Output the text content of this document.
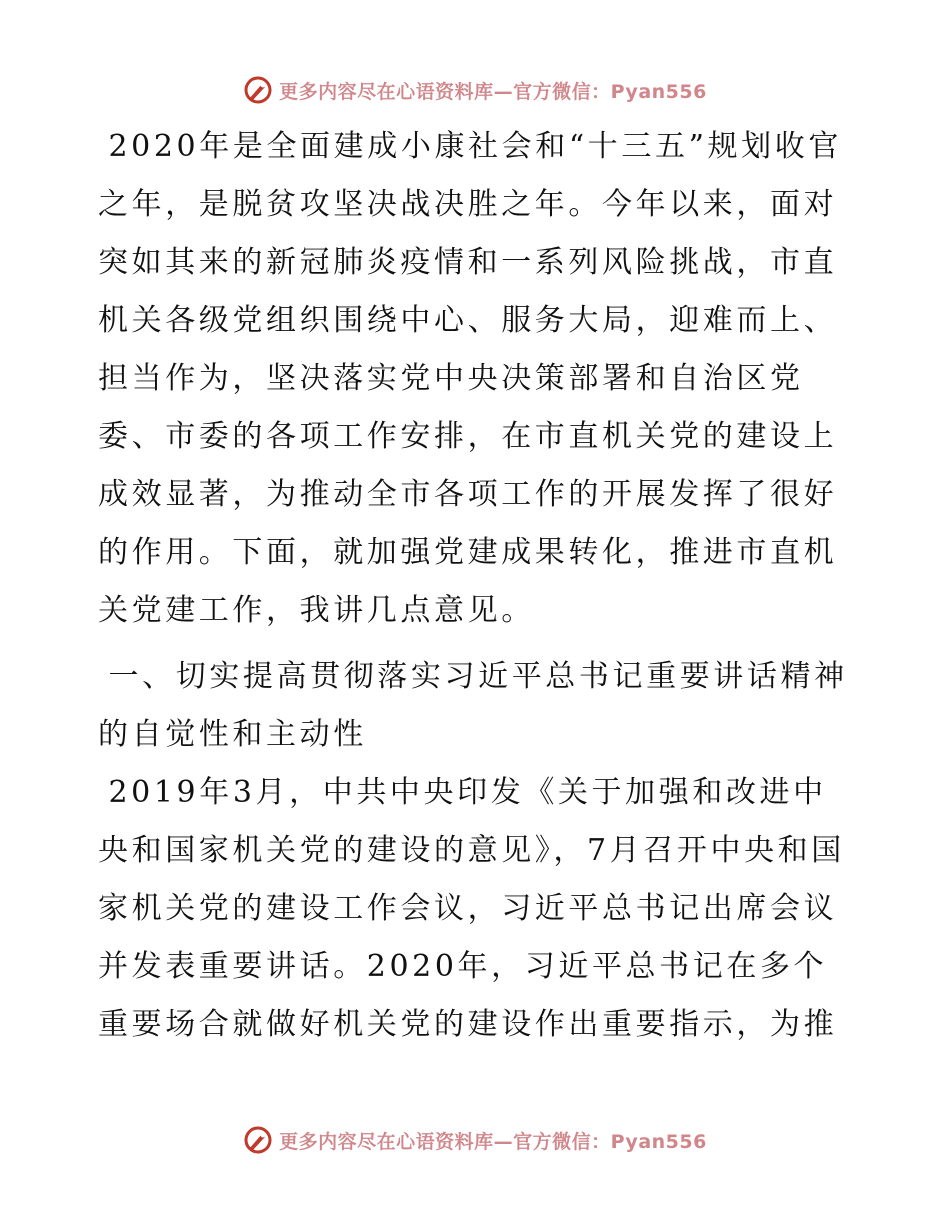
更多内容尽在心语资料库—官方微信：Pyan556

2020年是全面建成小康社会和“十三五”规划收官之年，是脱贫攻坚决战决胜之年。今年以来，面对突如其来的新冠肺炎疫情和一系列风险挑战，市直机关各级党组织围绕中心、服务大局，迎难而上、担当作为，坚决落实党中央决策部署和自治区党委、市委的各项工作安排，在市直机关党的建设上成效显著，为推动全市各项工作的开展发挥了很好的作用。下面，就加强党建成果转化，推进市直机关党建工作，我讲几点意见。

一、切实提高贯彻落实习近平总书记重要讲话精神的自觉性和主动性

2019年3月，中共中央印发《关于加强和改进中央和国家机关党的建设的意见》，7月召开中央和国家机关党的建设工作会议，习近平总书记出席会议并发表重要讲话。2020年，习近平总书记在多个重要场合就做好机关党的建设作出重要指示，为推

更多内容尽在心语资料库—官方微信：Pyan556
